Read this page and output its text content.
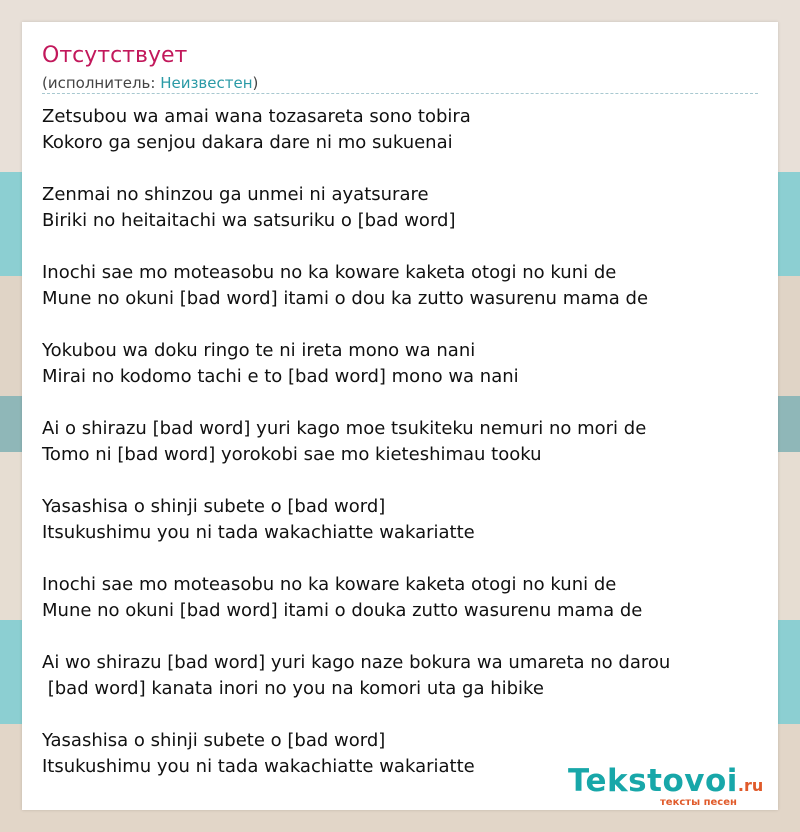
Отсутствует
(исполнитель: Неизвестен)
Zetsubou wa amai wana tozasareta sono tobira
Kokoro ga senjou dakara dare ni mo sukuenai
Zenmai no shinzou ga unmei ni ayatsurare
Biriki no heitaitachi wa satsuriku o [bad word]
Inochi sae mo moteasobu no ka koware kaketa otogi no kuni de
Mune no okuni [bad word] itami o dou ka zutto wasurenu mama de
Yokubou wa doku ringo te ni ireta mono wa nani
Mirai no kodomo tachi e to [bad word] mono wa nani
Ai o shirazu [bad word] yuri kago moe tsukiteku nemuri no mori de
Tomo ni [bad word] yorokobi sae mo kieteshimau tooku
Yasashisa o shinji subete o [bad word]
Itsukushimu you ni tada wakachiatte wakariatte
Inochi sae mo moteasobu no ka koware kaketa otogi no kuni de
Mune no okuni [bad word] itami o douka zutto wasurenu mama de
Ai wo shirazu [bad word] yuri kago naze bokura wa umareta no darou
[bad word] kanata inori no you na komori uta ga hibike
Yasashisa o shinji subete o [bad word]
Itsukushimu you ni tada wakachiatte wakariatte	Tekstovoi.ru
тексты песен
